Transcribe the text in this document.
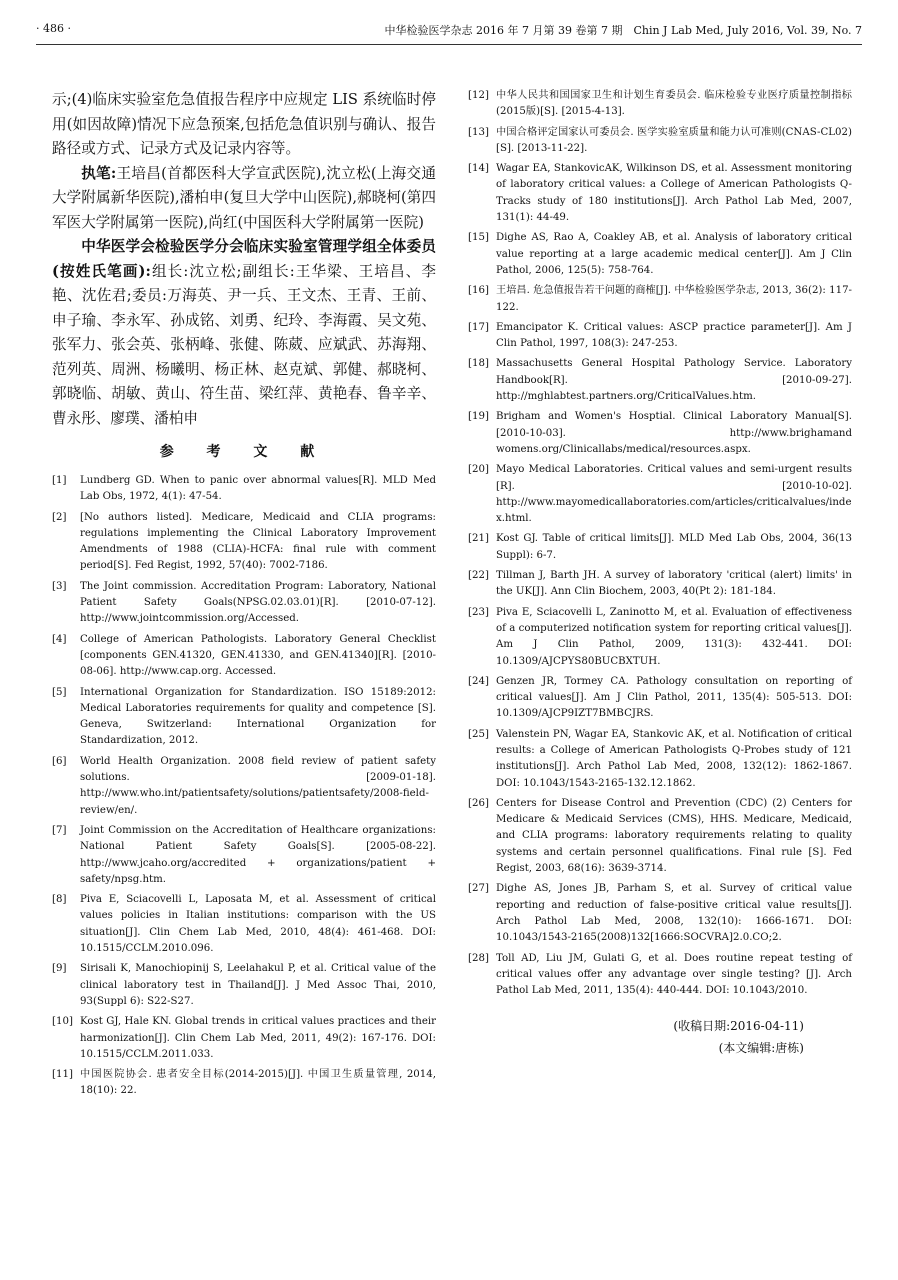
· 486 ·	中华检验医学杂志 2016 年 7 月第 39 卷第 7 期　Chin J Lab Med, July 2016, Vol. 39, No. 7

示;(4)临床实验室危急值报告程序中应规定 LIS 系统临时停用(如因故障)情况下应急预案,包括危急值识别与确认、报告路径或方式、记录方式及记录内容等。

执笔:王培昌(首都医科大学宣武医院),沈立松(上海交通大学附属新华医院),潘柏申(复旦大学中山医院),郝晓柯(第四军医大学附属第一医院),尚红(中国医科大学附属第一医院)

中华医学会检验医学分会临床实验室管理学组全体委员(按姓氏笔画):组长:沈立松;副组长:王华梁、王培昌、李艳、沈佐君;委员:万海英、尹一兵、王文杰、王青、王前、申子瑜、李永军、孙成铭、刘勇、纪玲、李海霞、吴文苑、张军力、张会英、张柄峰、张健、陈葳、应斌武、苏海翔、范列英、周洲、杨曦明、杨正林、赵克斌、郭健、郝晓柯、郭晓临、胡敏、黄山、符生苗、梁红萍、黄艳春、鲁辛辛、曹永彤、廖璞、潘柏申

参 考 文 献
[1] Lundberg GD. When to panic over abnormal values[R]. MLD Med Lab Obs, 1972, 4(1): 47-54.
[2] [No authors listed]. Medicare, Medicaid and CLIA programs: regulations implementing the Clinical Laboratory Improvement Amendments of 1988 (CLIA)-HCFA: final rule with comment period[S]. Fed Regist, 1992, 57(40): 7002-7186.
[3] The Joint commission. Accreditation Program: Laboratory, National Patient Safety Goals(NPSG.02.03.01)[R]. [2010-07-12]. http://www.jointcommission.org/Accessed.
[4] College of American Pathologists. Laboratory General Checklist [components GEN.41320, GEN.41330, and GEN.41340][R]. [2010-08-06]. http://www.cap.org. Accessed.
[5] International Organization for Standardization. ISO 15189:2012: Medical Laboratories requirements for quality and competence [S]. Geneva, Switzerland: International Organization for Standardization, 2012.
[6] World Health Organization. 2008 field review of patient safety solutions. [2009-01-18]. http://www.who.int/patientsafety/solutions/patientsafety/2008-field-review/en/.
[7] Joint Commission on the Accreditation of Healthcare organizations: National Patient Safety Goals[S]. [2005-08-22]. http://www.jcaho.org/accredited + organizations/patient + safety/npsg.htm.
[8] Piva E, Sciacovelli L, Laposata M, et al. Assessment of critical values policies in Italian institutions: comparison with the US situation[J]. Clin Chem Lab Med, 2010, 48(4): 461-468. DOI: 10.1515/CCLM.2010.096.
[9] Sirisali K, Manochiopinij S, Leelahakul P, et al. Critical value of the clinical laboratory test in Thailand[J]. J Med Assoc Thai, 2010, 93(Suppl 6): S22-S27.
[10] Kost GJ, Hale KN. Global trends in critical values practices and their harmonization[J]. Clin Chem Lab Med, 2011, 49(2): 167-176. DOI: 10.1515/CCLM.2011.033.
[11] 中国医院协会. 患者安全目标(2014-2015)[J]. 中国卫生质量管理, 2014, 18(10): 22.
[12] 中华人民共和国国家卫生和计划生育委员会. 临床检验专业医疗质量控制指标(2015版)[S]. [2015-4-13].
[13] 中国合格评定国家认可委员会. 医学实验室质量和能力认可准则(CNAS-CL02)[S]. [2013-11-22].
[14] Wagar EA, StankovicAK, Wilkinson DS, et al. Assessment monitoring of laboratory critical values: a College of American Pathologists Q-Tracks study of 180 institutions[J]. Arch Pathol Lab Med, 2007, 131(1): 44-49.
[15] Dighe AS, Rao A, Coakley AB, et al. Analysis of laboratory critical value reporting at a large academic medical center[J]. Am J Clin Pathol, 2006, 125(5): 758-764.
[16] 王培昌. 危急值报告若干问题的商榷[J]. 中华检验医学杂志, 2013, 36(2): 117-122.
[17] Emancipator K. Critical values: ASCP practice parameter[J]. Am J Clin Pathol, 1997, 108(3): 247-253.
[18] Massachusetts General Hospital Pathology Service. Laboratory Handbook[R]. [2010-09-27]. http://mghlabtest.partners.org/CriticalValues.htm.
[19] Brigham and Women's Hosptial. Clinical Laboratory Manual[S]. [2010-10-03]. http://www.brighamand womens.org/Clinicallabs/medical/resources.aspx.
[20] Mayo Medical Laboratories. Critical values and semi-urgent results [R]. [2010-10-02]. http://www.mayomedicallaboratories.com/articles/criticalvalues/index.html.
[21] Kost GJ. Table of critical limits[J]. MLD Med Lab Obs, 2004, 36(13 Suppl): 6-7.
[22] Tillman J, Barth JH. A survey of laboratory 'critical (alert) limits' in the UK[J]. Ann Clin Biochem, 2003, 40(Pt 2): 181-184.
[23] Piva E, Sciacovelli L, Zaninotto M, et al. Evaluation of effectiveness of a computerized notification system for reporting critical values[J]. Am J Clin Pathol, 2009, 131(3): 432-441. DOI: 10.1309/AJCPYS80BUCBXTUH.
[24] Genzen JR, Tormey CA. Pathology consultation on reporting of critical values[J]. Am J Clin Pathol, 2011, 135(4): 505-513. DOI: 10.1309/AJCP9IZT7BMBCJRS.
[25] Valenstein PN, Wagar EA, Stankovic AK, et al. Notification of critical results: a College of American Pathologists Q-Probes study of 121 institutions[J]. Arch Pathol Lab Med, 2008, 132(12): 1862-1867. DOI: 10.1043/1543-2165-132.12.1862.
[26] Centers for Disease Control and Prevention (CDC) (2) Centers for Medicare & Medicaid Services (CMS), HHS. Medicare, Medicaid, and CLIA programs: laboratory requirements relating to quality systems and certain personnel qualifications. Final rule [S]. Fed Regist, 2003, 68(16): 3639-3714.
[27] Dighe AS, Jones JB, Parham S, et al. Survey of critical value reporting and reduction of false-positive critical value results[J]. Arch Pathol Lab Med, 2008, 132(10): 1666-1671. DOI: 10.1043/1543-2165(2008)132[1666:SOCVRA]2.0.CO;2.
[28] Toll AD, Liu JM, Gulati G, et al. Does routine repeat testing of critical values offer any advantage over single testing? [J]. Arch Pathol Lab Med, 2011, 135(4): 440-444. DOI: 10.1043/2010.
(收稿日期:2016-04-11)
(本文编辑:唐栋)
